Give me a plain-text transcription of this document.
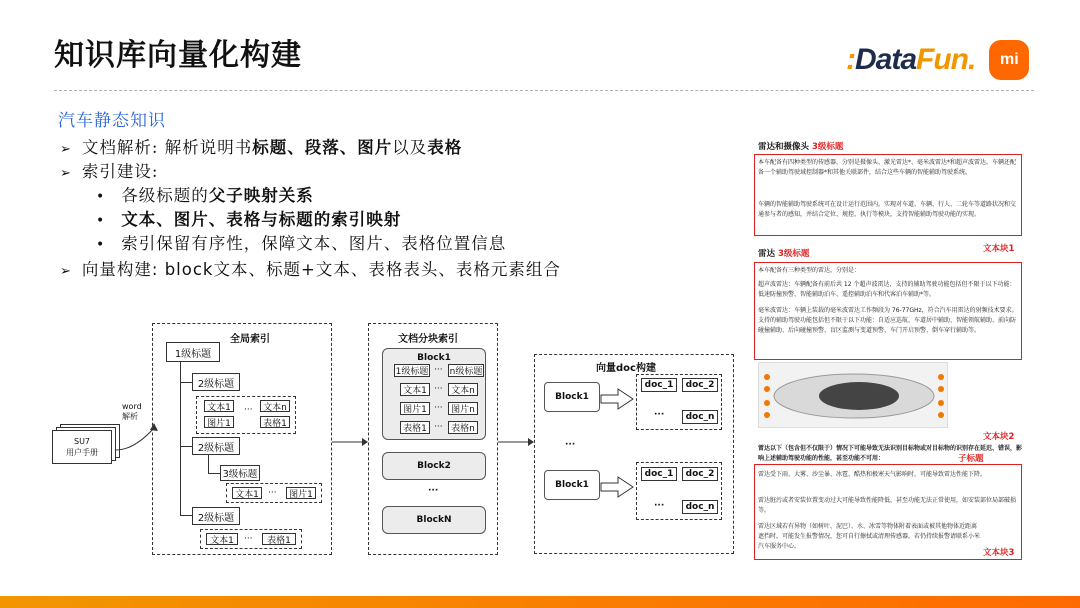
知识库向量化构建	:DataFun.	mi
汽车静态知识
➢ 文档解析: 解析说明书标题、段落、图片以及表格
➢ 索引建设:
• 各级标题的父子映射关系
• 文本、图片、表格与标题的索引映射
• 索引保留有序性，保障文本、图片、表格位置信息
➢ 向量构建: block文本、标题+文本、表格表头、表格元素组合
SU7
用户手册
word
解析
全局索引
1级标题
2级标题
文本1
图片1
···	文本n
表格1
2级标题
3级标题
文本1	···	图片1
2级标题
文本1	···	表格1
文档分块索引
Block1
1级标题 ··· n级标题
文本1 ··· 文本n
图片1 ··· 图片n
表格1 ··· 表格n
Block2
···
BlockN
向量doc构建
Block1
doc_1	doc_2
···	doc_n
···
Block1
doc_1	doc_2
···	doc_n
雷达和摄像头 3级标题
本车配备有四种类型的传感器，分别是摄像头、激光雷达*、毫米波雷达*和超声波雷达。车辆还配备一个辅助驾驶域控制器*和其他关联部件，结合这些车辆的智能辅助驾驶系统。
车辆的智能辅助驾驶系统可在设计运行范围内，实现对车道、车辆、行人、二轮车等道路状况和交通参与者的感知，并结合定位、规控、执行等模块，支持智能辅助驾驶功能的实现。
雷达 3级标题	文本块1
本车配备有三种类型的雷达，分别是：
超声波雷达：车辆配备有前后共 12 个超声波雷达，支持的辅助驾驶功能包括但不限于以下功能：低速防撞预警、智能辅助泊车、遥控辅助泊车和代客泊车辅助*等。
毫米波雷达：车辆上装载的毫米波雷达工作频段为 76-77GHz，符合汽车用雷达的射频技术要求。支持的辅助驾驶功能包括但不限于以下功能：自适应巡航、车道居中辅助、智能领航辅助、前向防碰撞辅助、后向碰撞预警、盲区监测与变道预警、车门开启预警、倒车穿行辅助等。
文本块2
雷达以下（包含但不仅限于）情况下可能导致无法识别目标物或对目标物的识别存在延迟、错误，影响上述辅助驾驶功能的性能，甚至功能不可用：	子标题
雷达受下雨、大雾、沙尘暴、冰雹、酷热和极寒天气影响时，可能导致雷达性能下降。
雷达脏污或者安装位置变动过大可能导致性能降低，甚至功能无法正常使用，如安装部位局部破损等。
雷达区域若有异物（如树叶、泥巴）、水、冰雪等物体附着表面或被其他物体近距离遮挡时，可能发生报警情况，您可自行擦拭或清理传感器，若仍持续报警请联系小米汽车服务中心。
文本块3
